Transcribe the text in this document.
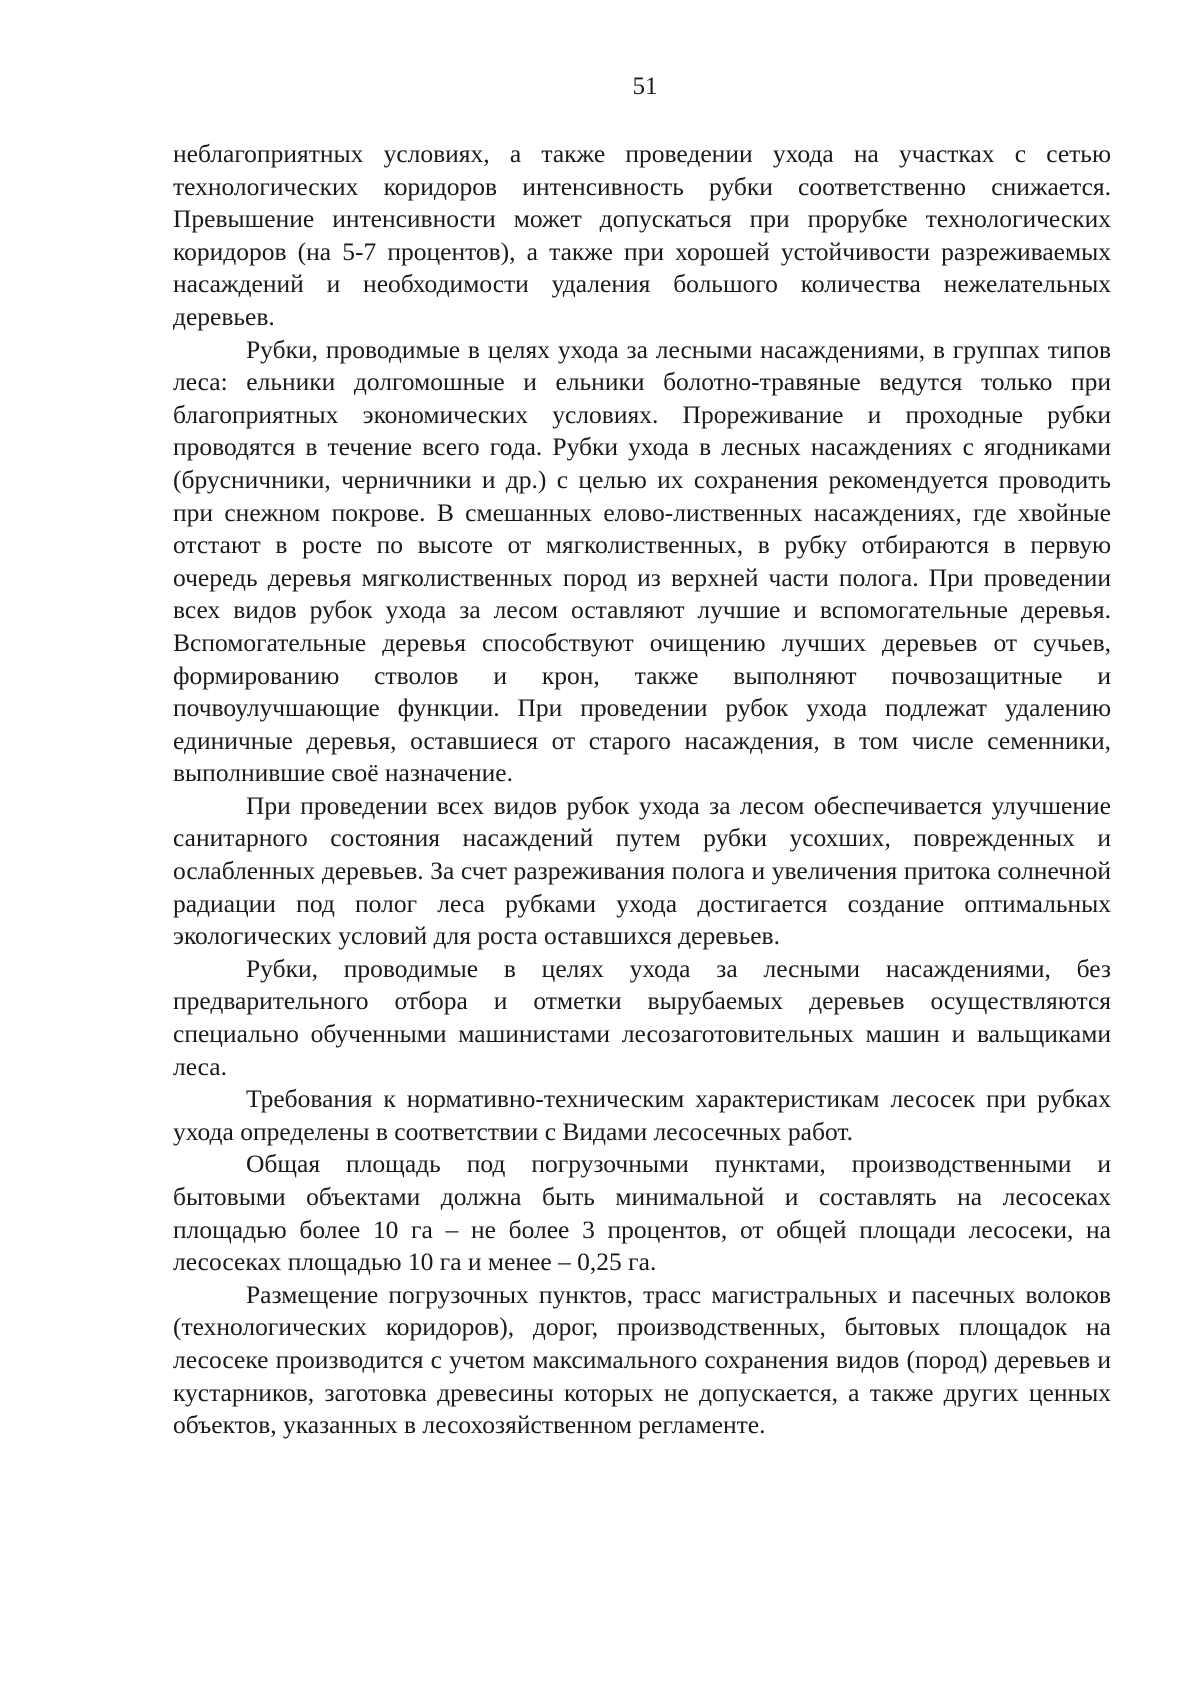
51

неблагоприятных условиях, а также проведении ухода на участках с сетью технологических коридоров интенсивность рубки соответственно снижается. Превышение интенсивности может допускаться при прорубке технологических коридоров (на 5-7 процентов), а также при хорошей устойчивости разреживаемых насаждений и необходимости удаления большого количества нежелательных деревьев.

Рубки, проводимые в целях ухода за лесными насаждениями, в группах типов леса: ельники долгомошные и ельники болотно-травяные ведутся только при благоприятных экономических условиях. Прореживание и проходные рубки проводятся в течение всего года. Рубки ухода в лесных насаждениях с ягодниками (брусничники, черничники и др.) с целью их сохранения рекомендуется проводить при снежном покрове. В смешанных елово-лиственных насаждениях, где хвойные отстают в росте по высоте от мягколиственных, в рубку отбираются в первую очередь деревья мягколиственных пород из верхней части полога. При проведении всех видов рубок ухода за лесом оставляют лучшие и вспомогательные деревья. Вспомогательные деревья способствуют очищению лучших деревьев от сучьев, формированию стволов и крон, также выполняют почвозащитные и почвоулучшающие функции. При проведении рубок ухода подлежат удалению единичные деревья, оставшиеся от старого насаждения, в том числе семенники, выполнившие своё назначение.

При проведении всех видов рубок ухода за лесом обеспечивается улучшение санитарного состояния насаждений путем рубки усохших, поврежденных и ослабленных деревьев. За счет разреживания полога и увеличения притока солнечной радиации под полог леса рубками ухода достигается создание оптимальных экологических условий для роста оставшихся деревьев.

Рубки, проводимые в целях ухода за лесными насаждениями, без предварительного отбора и отметки вырубаемых деревьев осуществляются специально обученными машинистами лесозаготовительных машин и вальщиками леса.

Требования к нормативно-техническим характеристикам лесосек при рубках ухода определены в соответствии с Видами лесосечных работ.

Общая площадь под погрузочными пунктами, производственными и бытовыми объектами должна быть минимальной и составлять на лесосеках площадью более 10 га – не более 3 процентов, от общей площади лесосеки, на лесосеках площадью 10 га и менее – 0,25 га.

Размещение погрузочных пунктов, трасс магистральных и пасечных волоков (технологических коридоров), дорог, производственных, бытовых площадок на лесосеке производится с учетом максимального сохранения видов (пород) деревьев и кустарников, заготовка древесины которых не допускается, а также других ценных объектов, указанных в лесохозяйственном регламенте.
